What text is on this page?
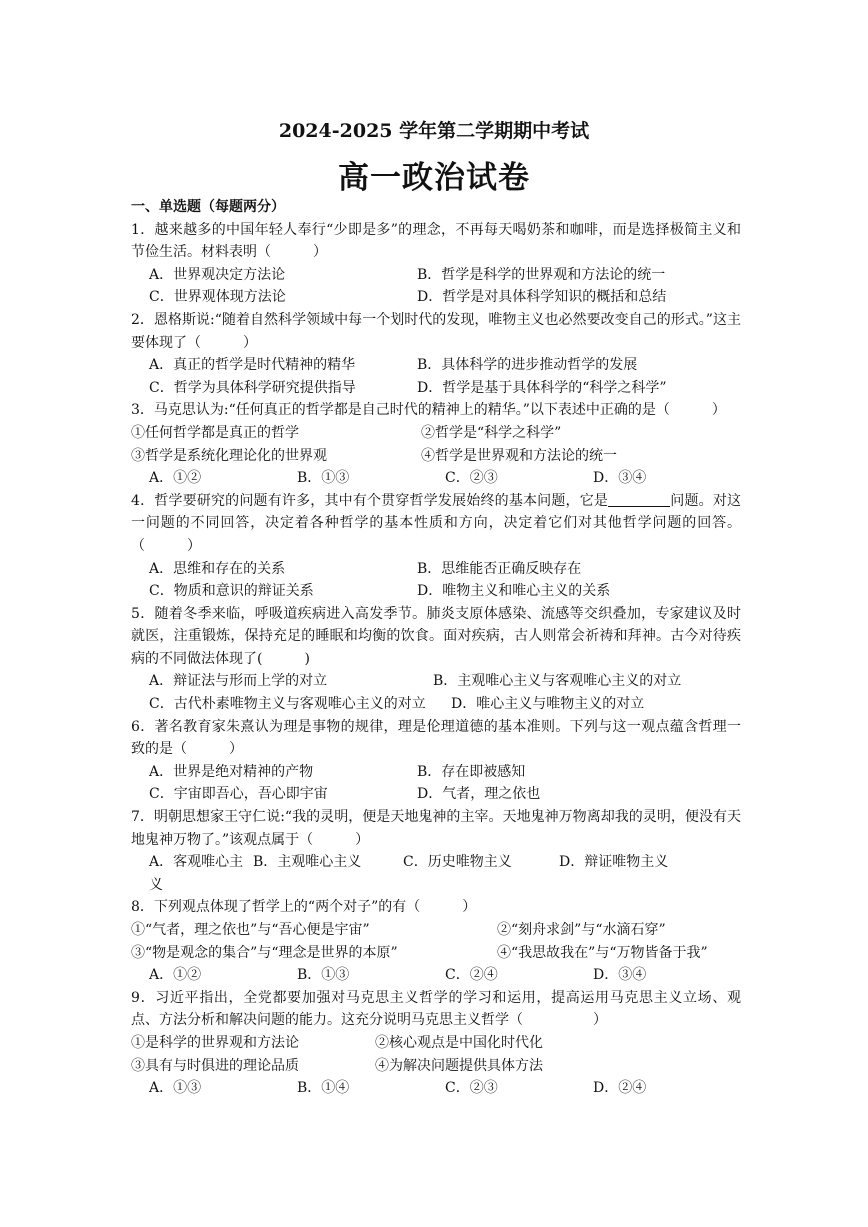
2024-2025 学年第二学期期中考试
高一政治试卷
一、单选题（每题两分）
1．越来越多的中国年轻人奉行“少即是多”的理念，不再每天喝奶茶和咖啡，而是选择极简主义和节俭生活。材料表明（　　　）
A．世界观决定方法论	B．哲学是科学的世界观和方法论的统一
C．世界观体现方法论	D．哲学是对具体科学知识的概括和总结
2．恩格斯说:“随着自然科学领域中每一个划时代的发现，唯物主义也必然要改变自己的形式。”这主要体现了（　　　）
A．真正的哲学是时代精神的精华	B．具体科学的进步推动哲学的发展
C．哲学为具体科学研究提供指导	D．哲学是基于具体科学的“科学之科学”
3．马克思认为:“任何真正的哲学都是自己时代的精神上的精华。”以下表述中正确的是（　　　）
①任何哲学都是真正的哲学	②哲学是“科学之科学”
③哲学是系统化理论化的世界观	④哲学是世界观和方法论的统一
A．①②	B．①③	C．②③	D．③④
4．哲学要研究的问题有许多，其中有个贯穿哲学发展始终的基本问题，它是	问题。对这一问题的不同回答，决定着各种哲学的基本性质和方向，决定着它们对其他哲学问题的回答。（　　　）
A．思维和存在的关系	B．思维能否正确反映存在
C．物质和意识的辩证关系	D．唯物主义和唯心主义的关系
5．随着冬季来临，呼吸道疾病进入高发季节。肺炎支原体感染、流感等交织叠加，专家建议及时就医，注重锻炼，保持充足的睡眠和均衡的饮食。面对疾病，古人则常会祈祷和拜神。古今对待疾病的不同做法体现了(　　　)
A．辩证法与形而上学的对立	B．主观唯心主义与客观唯心主义的对立
C．古代朴素唯物主义与客观唯心主义的对立	D．唯心主义与唯物主义的对立
6．著名教育家朱熹认为理是事物的规律，理是伦理道德的基本准则。下列与这一观点蕴含哲理一致的是（　　　）
A．世界是绝对精神的产物	B．存在即被感知
C．宇宙即吾心，吾心即宇宙	D．气者，理之依也
7．明朝思想家王守仁说:“我的灵明，便是天地鬼神的主宰。天地鬼神万物离却我的灵明，便没有天地鬼神万物了。”该观点属于（　　　）
A．客观唯心主义
B．主观唯心主义	C．历史唯物主义	D．辩证唯物主义
8．下列观点体现了哲学上的“两个对子”的有（　　　）
①“气者，理之依也”与“吾心便是宇宙”	②“刻舟求剑”与“水滴石穿”
③“物是观念的集合”与“理念是世界的本原”	④“我思故我在”与“万物皆备于我”
A．①②	B．①③	C．②④	D．③④
9．习近平指出，全党都要加强对马克思主义哲学的学习和运用，提高运用马克思主义立场、观点、方法分析和解决问题的能力。这充分说明马克思主义哲学（　　　　　）
①是科学的世界观和方法论	②核心观点是中国化时代化
③具有与时俱进的理论品质	④为解决问题提供具体方法
A．①③	B．①④	C．②③	D．②④
